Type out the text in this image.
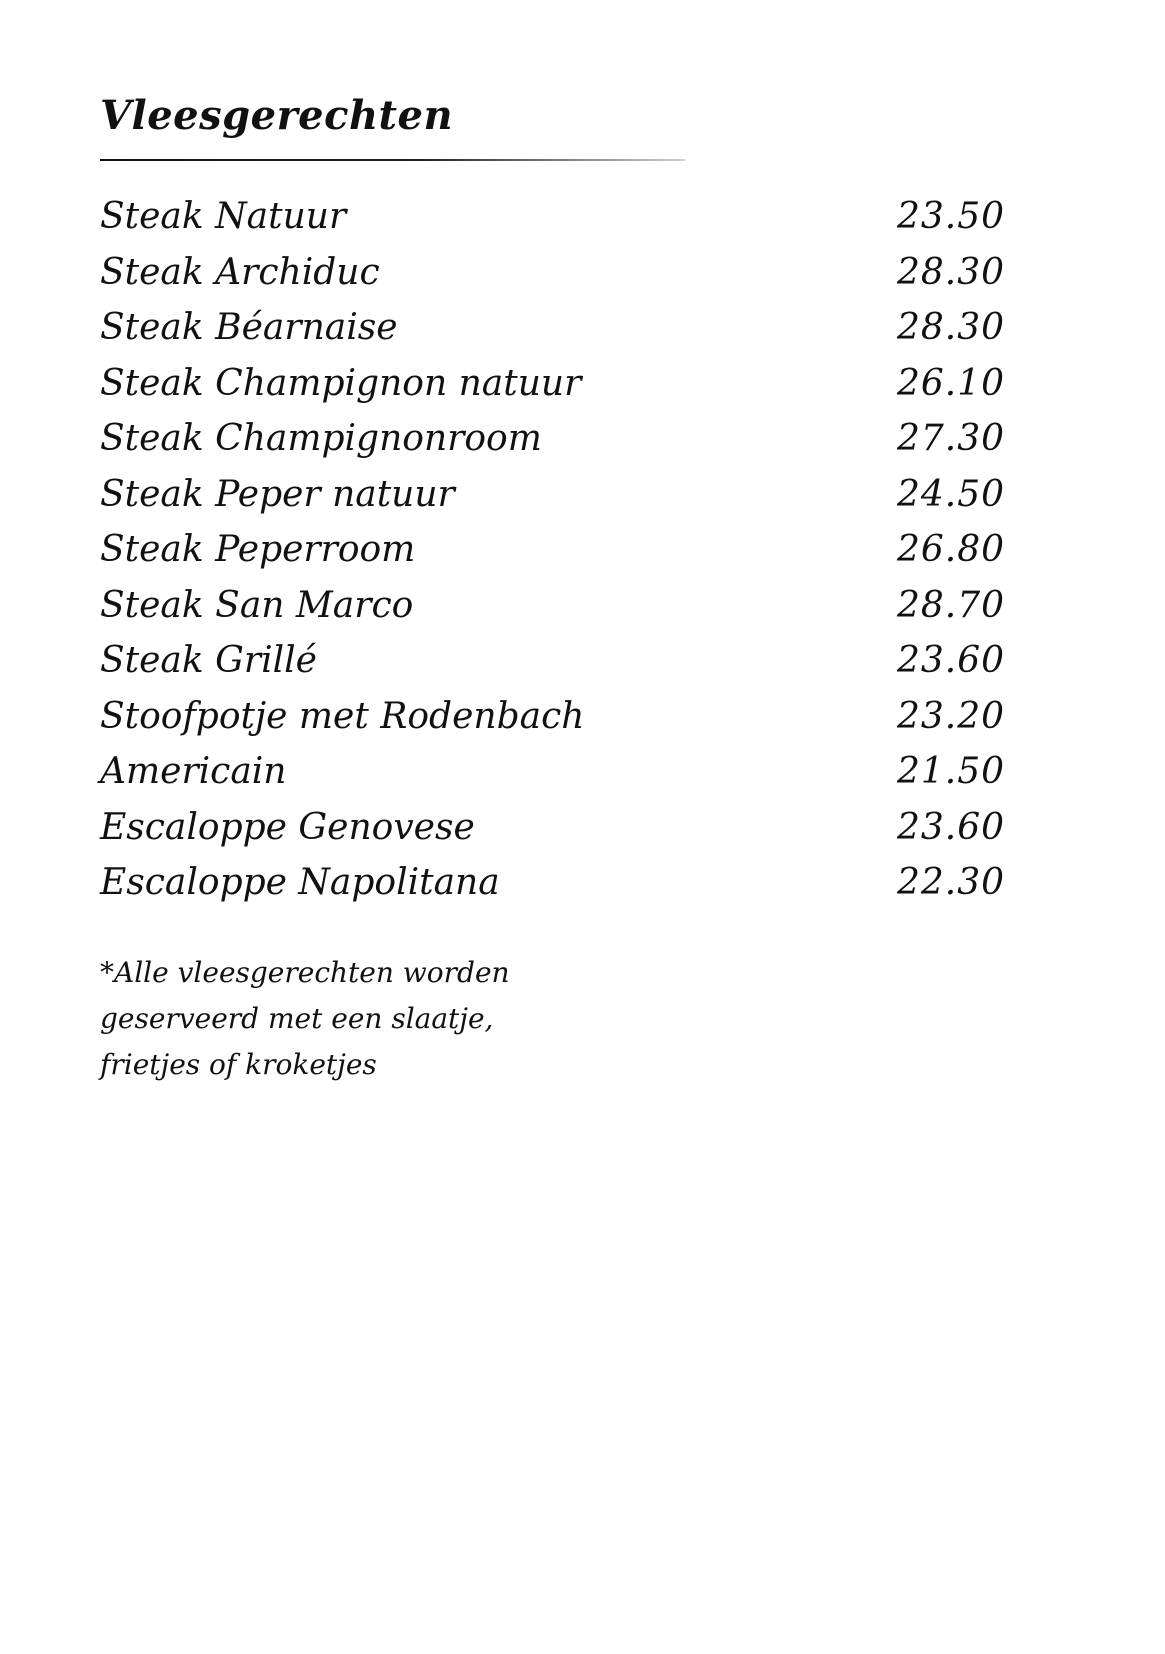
Vleesgerechten
Steak Natuur	23.50
Steak Archiduc	28.30
Steak Béarnaise	28.30
Steak Champignon natuur	26.10
Steak Champignonroom	27.30
Steak Peper natuur	24.50
Steak Peperroom	26.80
Steak San Marco	28.70
Steak Grillé	23.60
Stoofpotje met Rodenbach	23.20
Americain	21.50
Escaloppe Genovese	23.60
Escaloppe Napolitana	22.30
*Alle vleesgerechten worden
geserveerd met een slaatje,
frietjes of kroketjes
